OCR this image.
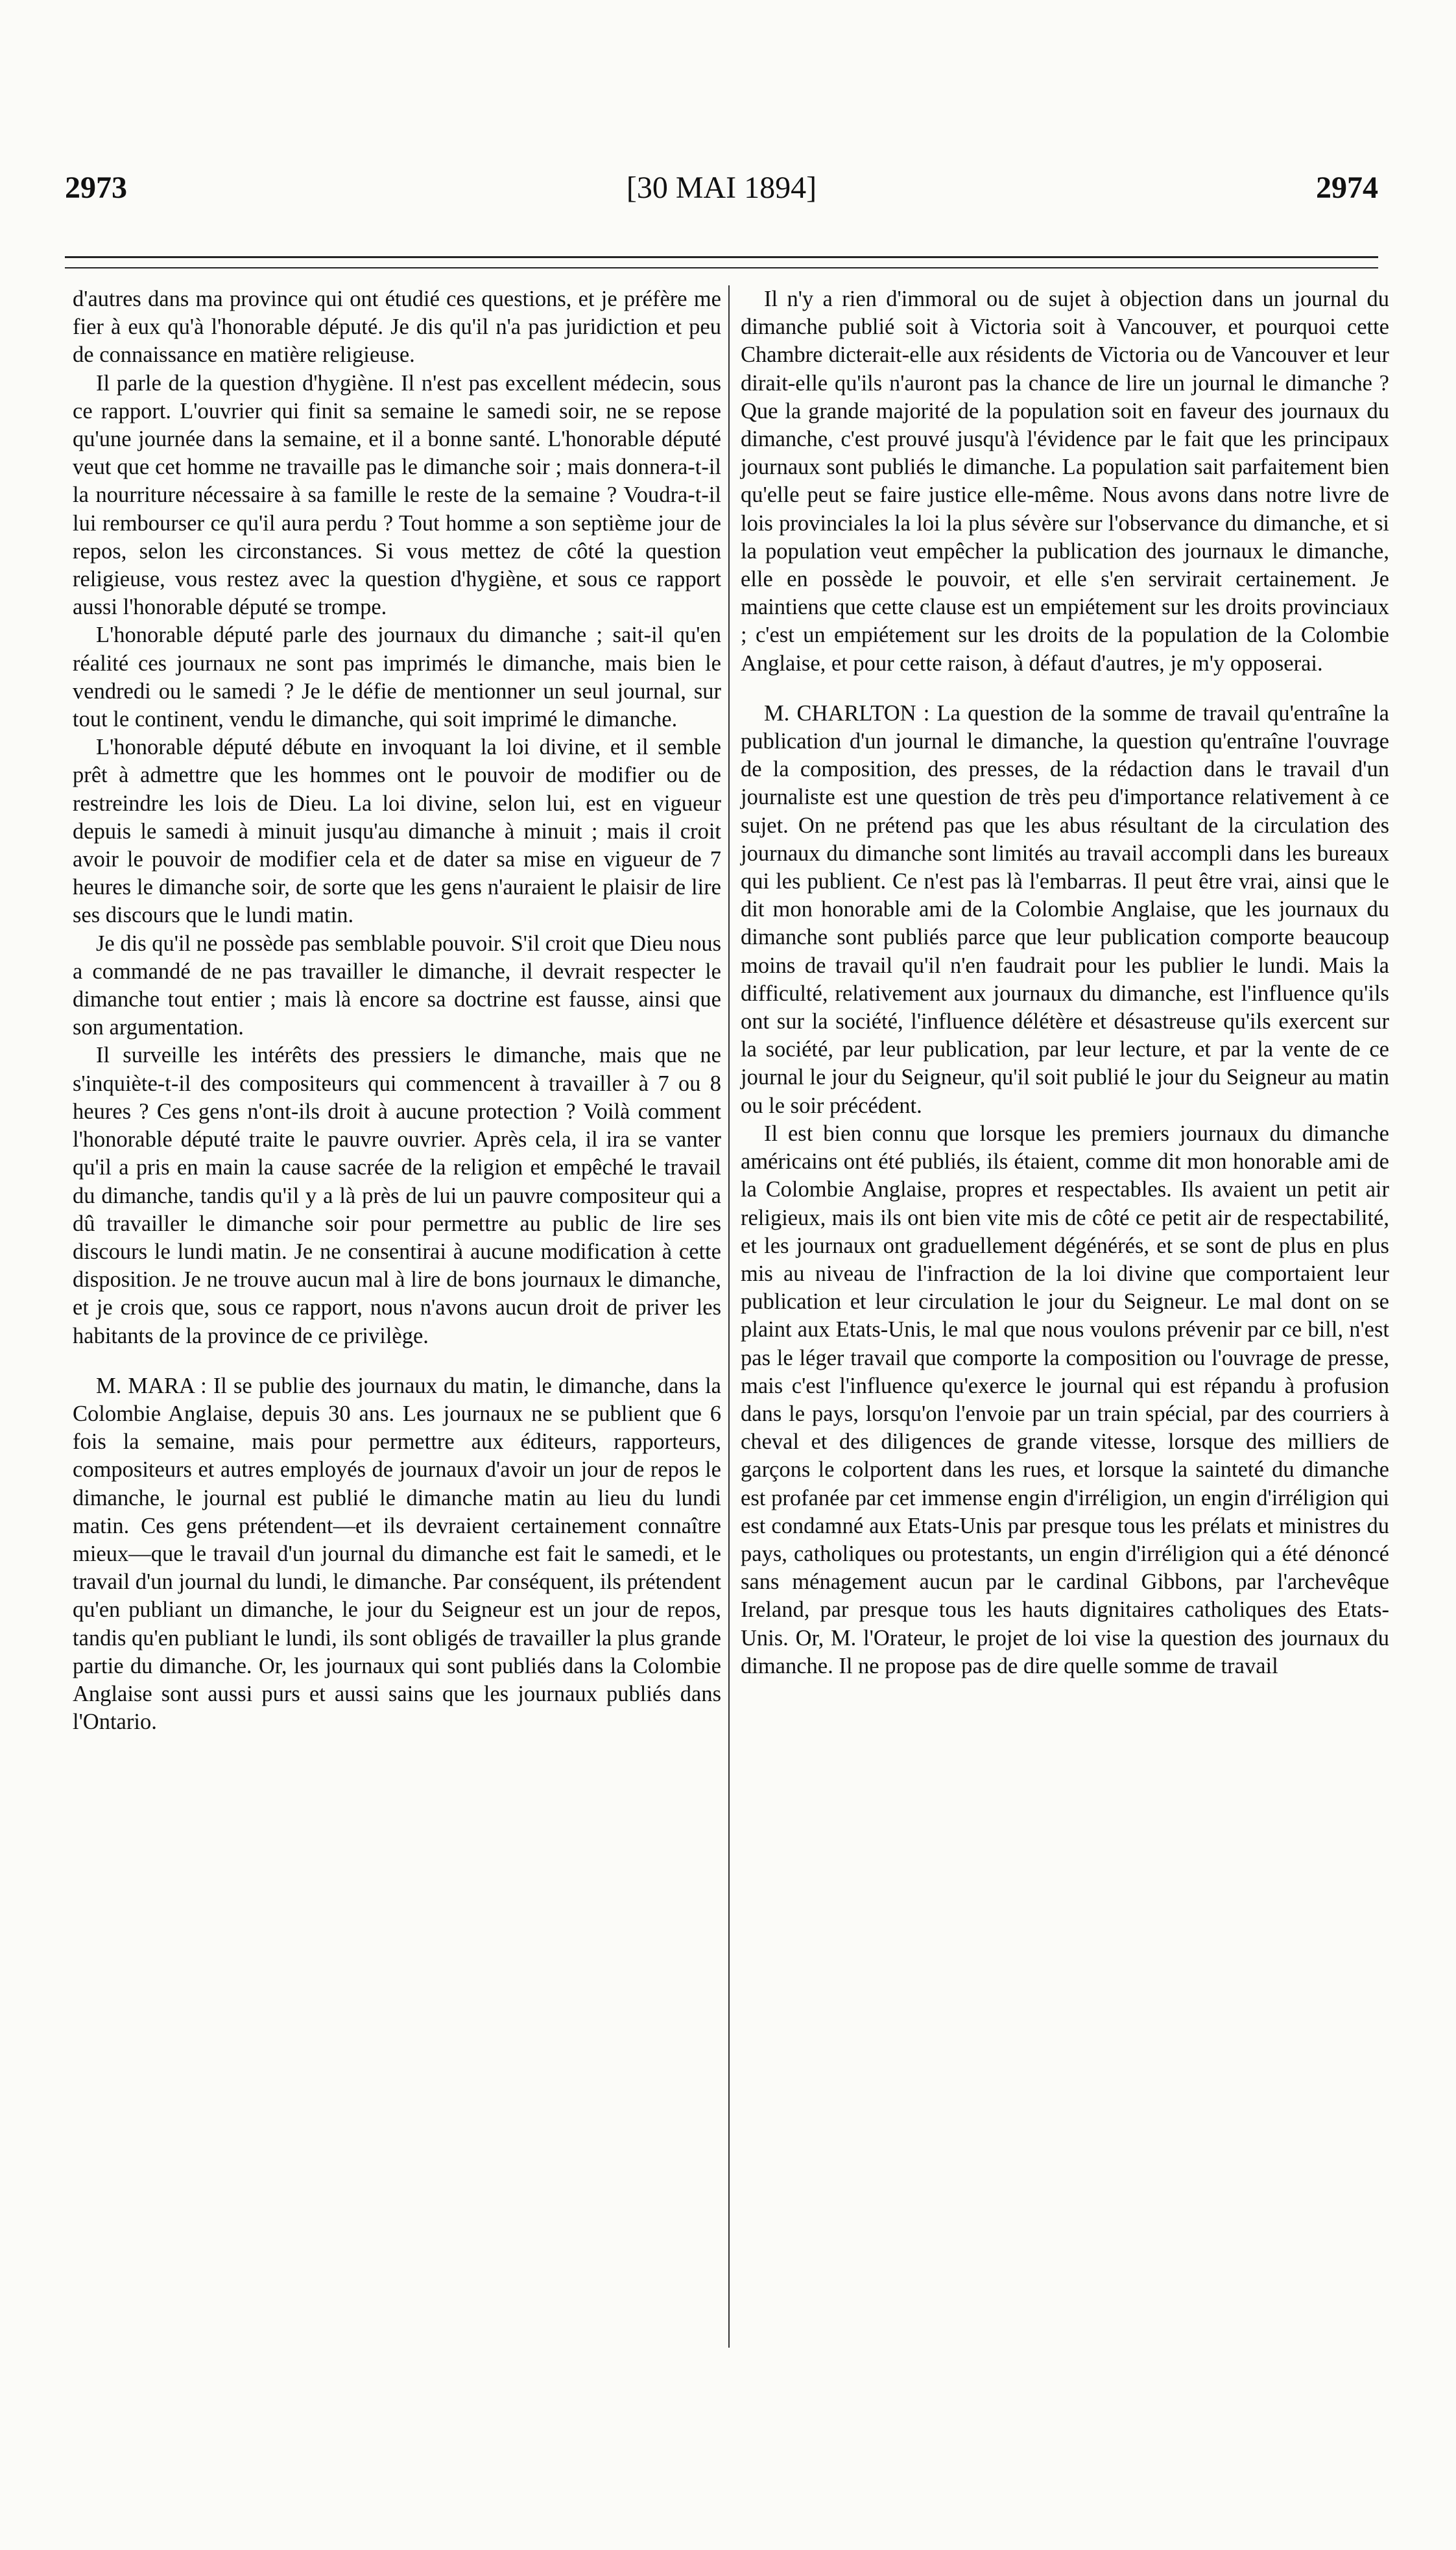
2973	[30 MAI 1894]	2974

d'autres dans ma province qui ont étudié ces questions, et je préfère me fier à eux qu'à l'honorable député. Je dis qu'il n'a pas juridiction et peu de connaissance en matière religieuse.

Il parle de la question d'hygiène. Il n'est pas excellent médecin, sous ce rapport. L'ouvrier qui finit sa semaine le samedi soir, ne se repose qu'une journée dans la semaine, et il a bonne santé. L'honorable député veut que cet homme ne travaille pas le dimanche soir ; mais donnera-t-il la nourriture nécessaire à sa famille le reste de la semaine ? Voudra-t-il lui rembourser ce qu'il aura perdu ? Tout homme a son septième jour de repos, selon les circonstances. Si vous mettez de côté la question religieuse, vous restez avec la question d'hygiène, et sous ce rapport aussi l'honorable député se trompe.

L'honorable député parle des journaux du dimanche ; sait-il qu'en réalité ces journaux ne sont pas imprimés le dimanche, mais bien le vendredi ou le samedi ? Je le défie de mentionner un seul journal, sur tout le continent, vendu le dimanche, qui soit imprimé le dimanche.

L'honorable député débute en invoquant la loi divine, et il semble prêt à admettre que les hommes ont le pouvoir de modifier ou de restreindre les lois de Dieu. La loi divine, selon lui, est en vigueur depuis le samedi à minuit jusqu'au dimanche à minuit ; mais il croit avoir le pouvoir de modifier cela et de dater sa mise en vigueur de 7 heures le dimanche soir, de sorte que les gens n'auraient le plaisir de lire ses discours que le lundi matin.

Je dis qu'il ne possède pas semblable pouvoir. S'il croit que Dieu nous a commandé de ne pas travailler le dimanche, il devrait respecter le dimanche tout entier ; mais là encore sa doctrine est fausse, ainsi que son argumentation.

Il surveille les intérêts des pressiers le dimanche, mais que ne s'inquiète-t-il des compositeurs qui commencent à travailler à 7 ou 8 heures ? Ces gens n'ont-ils droit à aucune protection ? Voilà comment l'honorable député traite le pauvre ouvrier. Après cela, il ira se vanter qu'il a pris en main la cause sacrée de la religion et empêché le travail du dimanche, tandis qu'il y a là près de lui un pauvre compositeur qui a dû travailler le dimanche soir pour permettre au public de lire ses discours le lundi matin. Je ne consentirai à aucune modification à cette disposition. Je ne trouve aucun mal à lire de bons journaux le dimanche, et je crois que, sous ce rapport, nous n'avons aucun droit de priver les habitants de la province de ce privilège.

M. MARA : Il se publie des journaux du matin, le dimanche, dans la Colombie Anglaise, depuis 30 ans. Les journaux ne se publient que 6 fois la semaine, mais pour permettre aux éditeurs, rapporteurs, compositeurs et autres employés de journaux d'avoir un jour de repos le dimanche, le journal est publié le dimanche matin au lieu du lundi matin. Ces gens prétendent—et ils devraient certainement connaître mieux—que le travail d'un journal du dimanche est fait le samedi, et le travail d'un journal du lundi, le dimanche. Par conséquent, ils prétendent qu'en publiant un dimanche, le jour du Seigneur est un jour de repos, tandis qu'en publiant le lundi, ils sont obligés de travailler la plus grande partie du dimanche. Or, les journaux qui sont publiés dans la Colombie Anglaise sont aussi purs et aussi sains que les journaux publiés dans l'Ontario.

Il n'y a rien d'immoral ou de sujet à objection dans un journal du dimanche publié soit à Victoria soit à Vancouver, et pourquoi cette Chambre dicterait-elle aux résidents de Victoria ou de Vancouver et leur dirait-elle qu'ils n'auront pas la chance de lire un journal le dimanche ? Que la grande majorité de la population soit en faveur des journaux du dimanche, c'est prouvé jusqu'à l'évidence par le fait que les principaux journaux sont publiés le dimanche. La population sait parfaitement bien qu'elle peut se faire justice elle-même. Nous avons dans notre livre de lois provinciales la loi la plus sévère sur l'observance du dimanche, et si la population veut empêcher la publication des journaux le dimanche, elle en possède le pouvoir, et elle s'en servirait certainement. Je maintiens que cette clause est un empiétement sur les droits provinciaux ; c'est un empiétement sur les droits de la population de la Colombie Anglaise, et pour cette raison, à défaut d'autres, je m'y opposerai.

M. CHARLTON : La question de la somme de travail qu'entraîne la publication d'un journal le dimanche, la question qu'entraîne l'ouvrage de la composition, des presses, de la rédaction dans le travail d'un journaliste est une question de très peu d'importance relativement à ce sujet. On ne prétend pas que les abus résultant de la circulation des journaux du dimanche sont limités au travail accompli dans les bureaux qui les publient. Ce n'est pas là l'embarras. Il peut être vrai, ainsi que le dit mon honorable ami de la Colombie Anglaise, que les journaux du dimanche sont publiés parce que leur publication comporte beaucoup moins de travail qu'il n'en faudrait pour les publier le lundi. Mais la difficulté, relativement aux journaux du dimanche, est l'influence qu'ils ont sur la société, l'influence délétère et désastreuse qu'ils exercent sur la société, par leur publication, par leur lecture, et par la vente de ce journal le jour du Seigneur, qu'il soit publié le jour du Seigneur au matin ou le soir précédent.

Il est bien connu que lorsque les premiers journaux du dimanche américains ont été publiés, ils étaient, comme dit mon honorable ami de la Colombie Anglaise, propres et respectables. Ils avaient un petit air religieux, mais ils ont bien vite mis de côté ce petit air de respectabilité, et les journaux ont graduellement dégénérés, et se sont de plus en plus mis au niveau de l'infraction de la loi divine que comportaient leur publication et leur circulation le jour du Seigneur. Le mal dont on se plaint aux Etats-Unis, le mal que nous voulons prévenir par ce bill, n'est pas le léger travail que comporte la composition ou l'ouvrage de presse, mais c'est l'influence qu'exerce le journal qui est répandu à profusion dans le pays, lorsqu'on l'envoie par un train spécial, par des courriers à cheval et des diligences de grande vitesse, lorsque des milliers de garçons le colportent dans les rues, et lorsque la sainteté du dimanche est profanée par cet immense engin d'irréligion, un engin d'irréligion qui est condamné aux Etats-Unis par presque tous les prélats et ministres du pays, catholiques ou protestants, un engin d'irréligion qui a été dénoncé sans ménagement aucun par le cardinal Gibbons, par l'archevêque Ireland, par presque tous les hauts dignitaires catholiques des Etats-Unis. Or, M. l'Orateur, le projet de loi vise la question des journaux du dimanche. Il ne propose pas de dire quelle somme de travail
